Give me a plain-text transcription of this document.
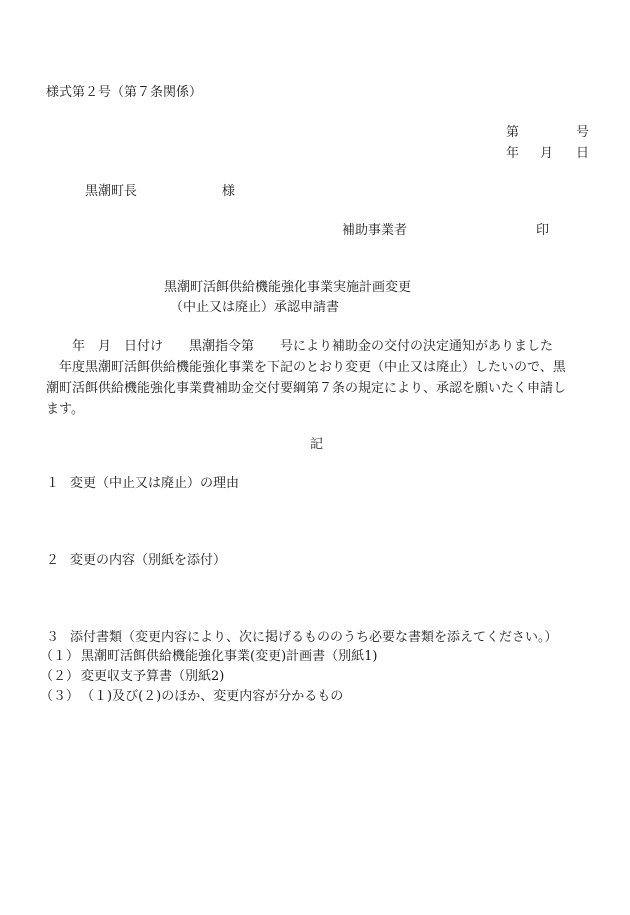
様式第２号（第７条関係）
第	号
年 月 日
黒潮町長	様
補助事業者	印
黒潮町活餌供給機能強化事業実施計画変更
（中止又は廃止）承認申請書
年　月　日付け　　黒潮指令第　　号により補助金の交付の決定通知がありました
年度黒潮町活餌供給機能強化事業を下記のとおり変更（中止又は廃止）したいので、黒
潮町活餌供給機能強化事業費補助金交付要綱第７条の規定により、承認を願いたく申請し
ます。
記
１ 変更（中止又は廃止）の理由
２ 変更の内容（別紙を添付）
３ 添付書類（変更内容により、次に掲げるもののうち必要な書類を添えてください。）
（１） 黒潮町活餌供給機能強化事業(変更)計画書（別紙1)
（２） 変更収支予算書（別紙2)
（３） （１)及び(２)のほか、変更内容が分かるもの
